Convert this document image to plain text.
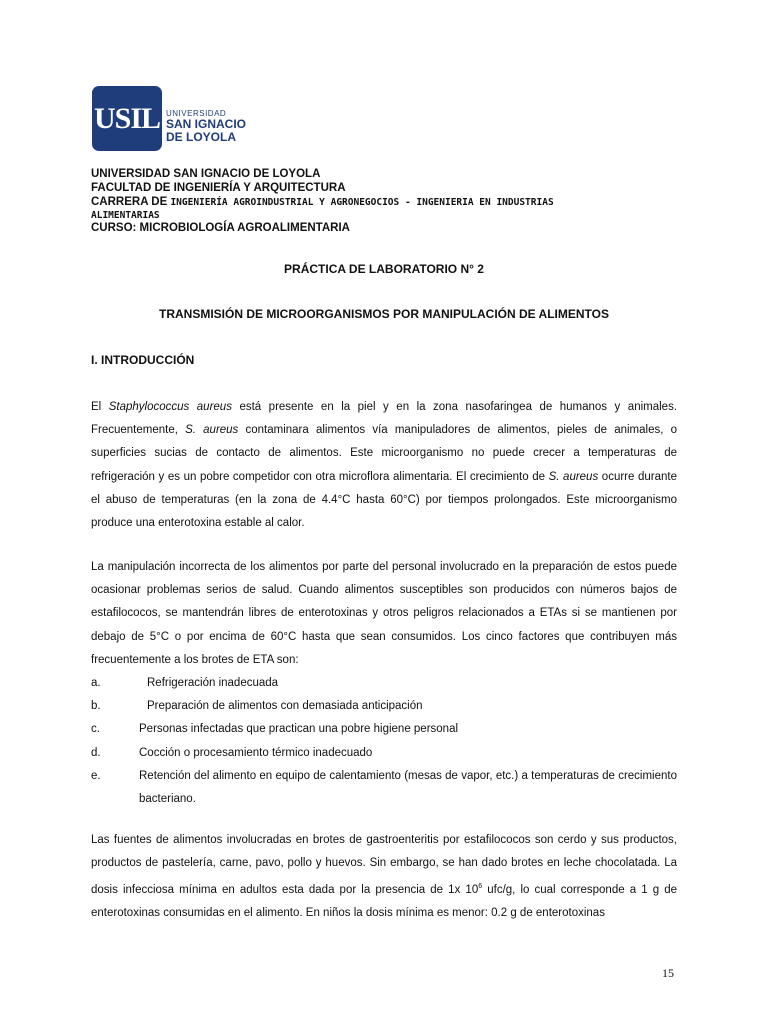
USIL UNIVERSIDAD
SAN IGNACIO
DE LOYOLA
UNIVERSIDAD SAN IGNACIO DE LOYOLA
FACULTAD DE INGENIERÍA Y ARQUITECTURA
CARRERA DE INGENIERÍA AGROINDUSTRIAL Y AGRONEGOCIOS - INGENIERIA EN INDUSTRIAS
ALIMENTARIAS
CURSO: MICROBIOLOGÍA AGROALIMENTARIA
PRÁCTICA DE LABORATORIO N° 2
TRANSMISIÓN DE MICROORGANISMOS POR MANIPULACIÓN DE ALIMENTOS
I. INTRODUCCIÓN

El Staphylococcus aureus está presente en la piel y en la zona nasofaringea de humanos y animales. Frecuentemente, S. aureus contaminara alimentos vía manipuladores de alimentos, pieles de animales, o superficies sucias de contacto de alimentos. Este microorganismo no puede crecer a temperaturas de refrigeración y es un pobre competidor con otra microflora alimentaria. El crecimiento de S. aureus ocurre durante el abuso de temperaturas (en la zona de 4.4°C hasta 60°C) por tiempos prolongados. Este microorganismo produce una enterotoxina estable al calor.

La manipulación incorrecta de los alimentos por parte del personal involucrado en la preparación de estos puede ocasionar problemas serios de salud. Cuando alimentos susceptibles son producidos con números bajos de estafilococos, se mantendrán libres de enterotoxinas y otros peligros relacionados a ETAs si se mantienen por debajo de 5°C o por encima de 60°C hasta que sean consumidos. Los cinco factores que contribuyen más frecuentemente a los brotes de ETA son:

a.	Refrigeración inadecuada
b.	Preparación de alimentos con demasiada anticipación
c.	Personas infectadas que practican una pobre higiene personal
d.	Cocción o procesamiento térmico inadecuado
e.	Retención del alimento en equipo de calentamiento (mesas de vapor, etc.) a temperaturas de crecimiento bacteriano.

Las fuentes de alimentos involucradas en brotes de gastroenteritis por estafilococos son cerdo y sus productos, productos de pastelería, carne, pavo, pollo y huevos. Sin embargo, se han dado brotes en leche chocolatada. La dosis infecciosa mínima en adultos esta dada por la presencia de 1x $10^6$ ufc/g, lo cual corresponde a 1 g de enterotoxinas consumidas en el alimento. En niños la dosis mínima es menor: 0.2 g de enterotoxinas

15
